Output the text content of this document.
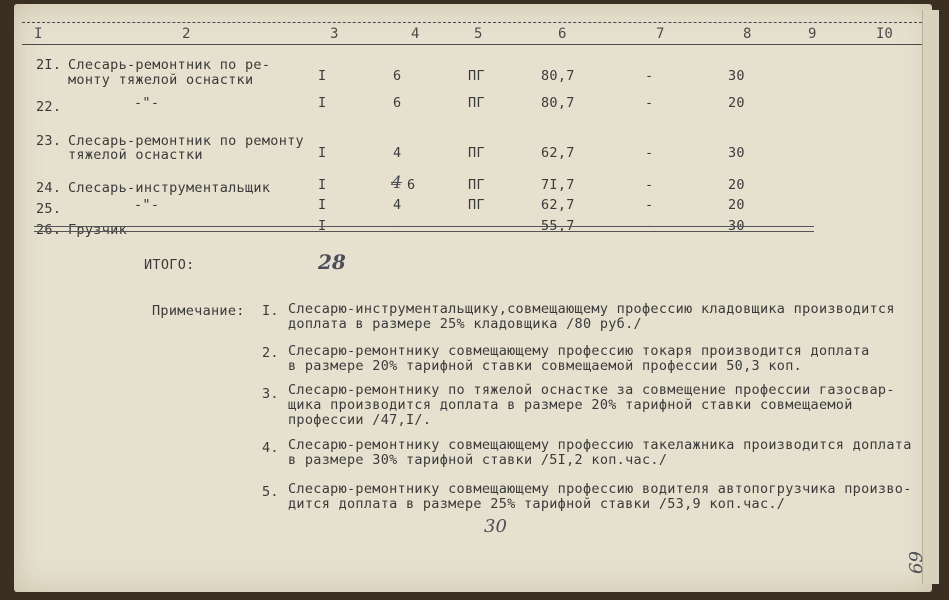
I	2	3	4	5	6	7	8	9	I0
2I. Слесарь-ремонтник по ре-
монту тяжелой оснастки	I	6	ПГ	80,7	-	30
22.	-"-	I	6	ПГ	80,7	-	20
23. Слесарь-ремонтник по ремонту
тяжелой оснастки	I	4	ПГ	62,7	-	30
24. Слесарь-инструментальщик	I	4 6	ПГ	7I,7	-	20
25.	-"-	I	4	ПГ	62,7	-	20
26. Грузчик	I	-	-	55,7	-	30
ИТОГО:	28
Примечание: I. Слесарю-инструментальщику,совмещающему профессию кладовщика производится
доплата в размере 25% кладовщика /80 руб./
2. Слесарю-ремонтнику совмещающему профессию токаря производится доплата
в размере 20% тарифной ставки совмещаемой профессии 50,3 коп.
3. Слесарю-ремонтнику по тяжелой оснастке за совмещение профессии газосвар-
щика производится доплата в размере 20% тарифной ставки совмещаемой
профессии /47,I/.
4. Слесарю-ремонтнику совмещающему профессию такелажника производится доплата
в размере 30% тарифной ставки /5I,2 коп.час./
5. Слесарю-ремонтнику совмещающему профессию водителя автопогрузчика произво-
дится доплата в размере 25% тарифной ставки /53,9 коп.час./
30
69
